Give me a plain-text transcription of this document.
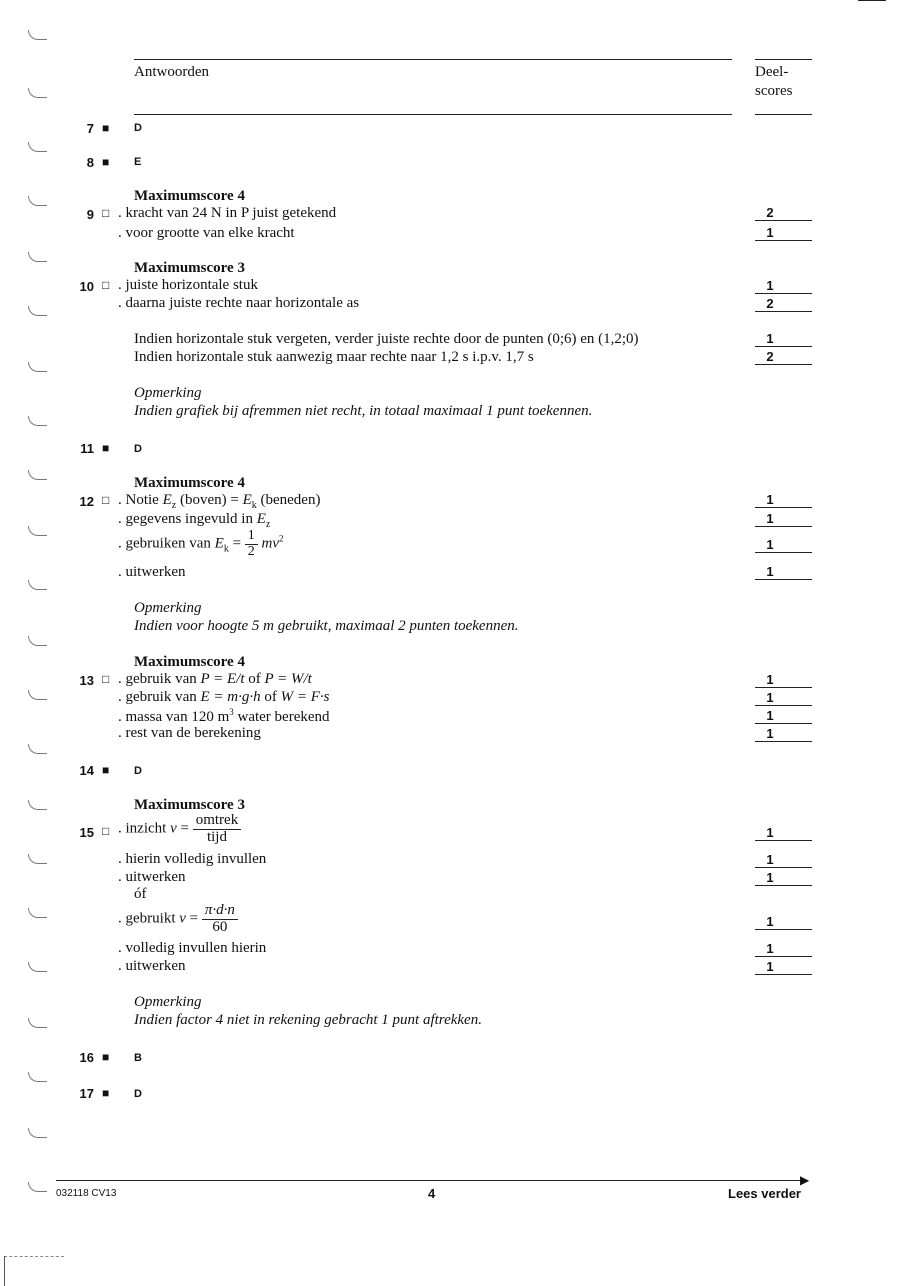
Antwoorden	Deel-
scores
7 ■ D
8 ■ E
Maximumscore 4
9 □ . kracht van 24 N in P juist getekend	2
. voor grootte van elke kracht	1
Maximumscore 3
10 □ . juiste horizontale stuk	1
. daarna juiste rechte naar horizontale as	2
Indien horizontale stuk vergeten, verder juiste rechte door de punten (0;6) en (1,2;0)	1
Indien horizontale stuk aanwezig maar rechte naar 1,2 s i.p.v. 1,7 s	2
Opmerking
Indien grafiek bij afremmen niet recht, in totaal maximaal 1 punt toekennen.
11 ■ D
Maximumscore 4
12 □ . Notie $E_z$ (boven) = $E_k$ (beneden)	1
. gegevens ingevuld in $E_z$	1
. gebruiken van $E_k = \frac{1}{2} mv^2$	1
. uitwerken	1
Opmerking
Indien voor hoogte 5 m gebruikt, maximaal 2 punten toekennen.
Maximumscore 4
13 □ . gebruik van P = E/t of P = W/t	1
. gebruik van E = m·g·h of W = F·s	1
. massa van 120 $m^3$ water berekend	1
. rest van de berekening	1
14 ■ D
Maximumscore 3
15 □ . inzicht $v = \frac{\text{omtrek}}{\text{tijd}}$	1
. hierin volledig invullen	1
. uitwerken	1
óf
. gebruikt $v = \frac{\pi\cdot d\cdot n}{60}$	1
. volledig invullen hierin	1
. uitwerken	1
Opmerking
Indien factor 4 niet in rekening gebracht 1 punt aftrekken.
16 ■ B
17 ■ D
▶
032118 CV13	4	Lees verder
